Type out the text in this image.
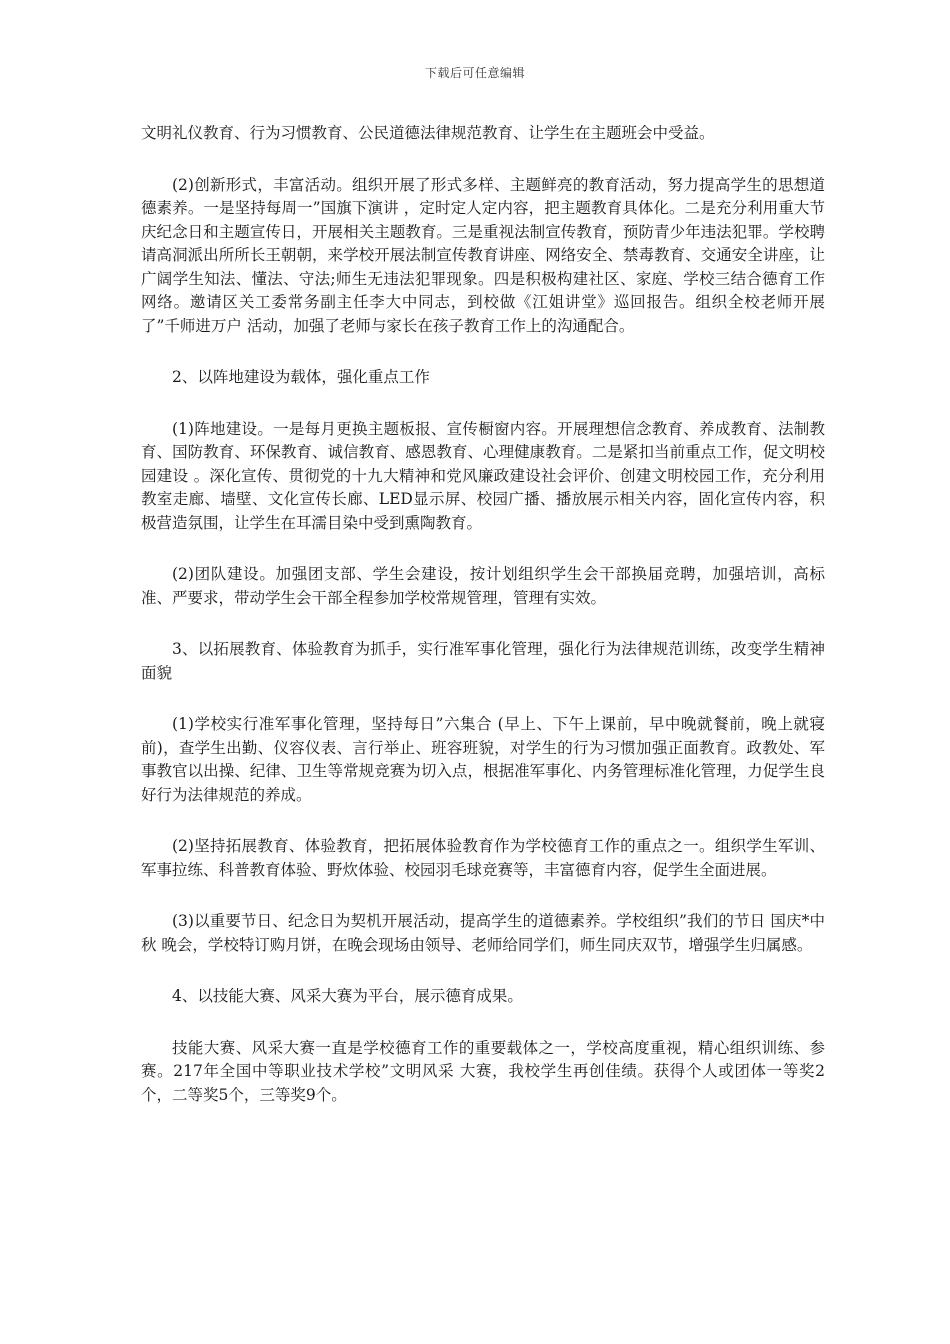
下载后可任意编辑

文明礼仪教育、行为习惯教育、公民道德法律规范教育、让学生在主题班会中受益。

(2)创新形式，丰富活动。组织开展了形式多样、主题鲜亮的教育活动，努力提高学生的思想道德素养。一是坚持每周一”国旗下演讲 ，定时定人定内容，把主题教育具体化。二是充分利用重大节庆纪念日和主题宣传日，开展相关主题教育。三是重视法制宣传教育，预防青少年违法犯罪。学校聘请高洞派出所所长王朝朝，来学校开展法制宣传教育讲座、网络安全、禁毒教育、交通安全讲座，让广阔学生知法、懂法、守法;师生无违法犯罪现象。四是积极构建社区、家庭、学校三结合德育工作网络。邀请区关工委常务副主任李大中同志，到校做《江姐讲堂》巡回报告。组织全校老师开展了”千师进万户 活动，加强了老师与家长在孩子教育工作上的沟通配合。

2、以阵地建设为载体，强化重点工作

(1)阵地建设。一是每月更换主题板报、宣传橱窗内容。开展理想信念教育、养成教育、法制教育、国防教育、环保教育、诚信教育、感恩教育、心理健康教育。二是紧扣当前重点工作，促文明校园建设 。深化宣传、贯彻党的十九大精神和党风廉政建设社会评价、创建文明校园工作，充分利用教室走廊、墙壁、文化宣传长廊、LED显示屏、校园广播、播放展示相关内容，固化宣传内容，积极营造氛围，让学生在耳濡目染中受到熏陶教育。

(2)团队建设。加强团支部、学生会建设，按计划组织学生会干部换届竞聘，加强培训，高标准、严要求，带动学生会干部全程参加学校常规管理，管理有实效。

3、以拓展教育、体验教育为抓手，实行准军事化管理，强化行为法律规范训练，改变学生精神面貌

(1)学校实行准军事化管理，坚持每日”六集合 (早上、下午上课前，早中晚就餐前，晚上就寝前)，查学生出勤、仪容仪表、言行举止、班容班貌，对学生的行为习惯加强正面教育。政教处、军事教官以出操、纪律、卫生等常规竞赛为切入点，根据准军事化、内务管理标准化管理，力促学生良好行为法律规范的养成。

(2)坚持拓展教育、体验教育，把拓展体验教育作为学校德育工作的重点之一。组织学生军训、军事拉练、科普教育体验、野炊体验、校园羽毛球竞赛等，丰富德育内容，促学生全面进展。

(3)以重要节日、纪念日为契机开展活动，提高学生的道德素养。学校组织”我们的节日 国庆*中秋 晚会，学校特订购月饼，在晚会现场由领导、老师给同学们，师生同庆双节，增强学生归属感。

4、以技能大赛、风采大赛为平台，展示德育成果。

技能大赛、风采大赛一直是学校德育工作的重要载体之一，学校高度重视，精心组织训练、参赛。217年全国中等职业技术学校”文明风采 大赛，我校学生再创佳绩。获得个人或团体一等奖2个，二等奖5个，三等奖9个。
